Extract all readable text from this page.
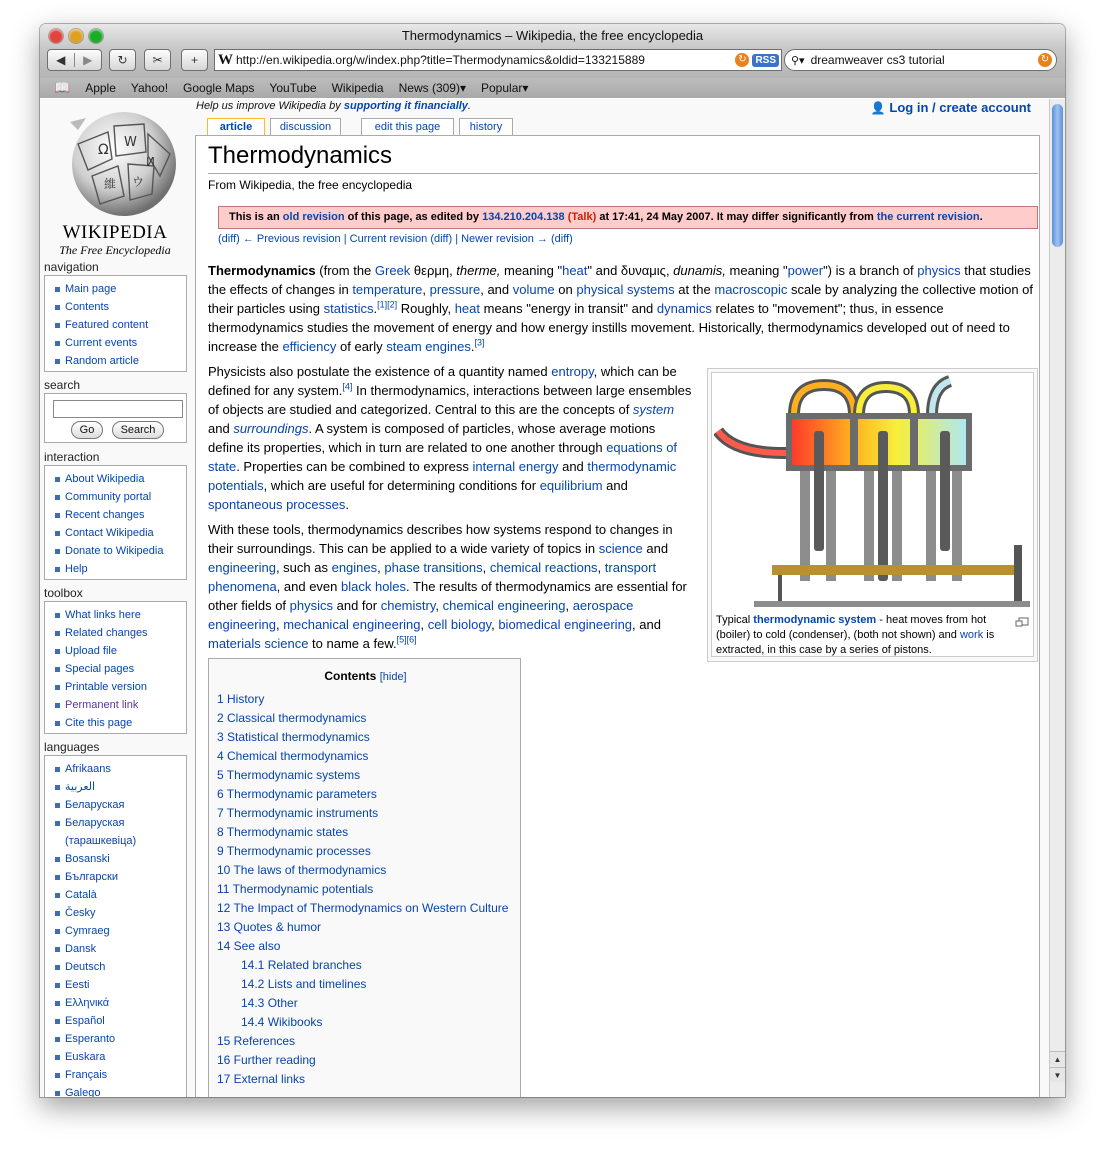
Thermodynamics – Wikipedia, the free encyclopedia
◀	▶	↻ ✂ + W http://en.wikipedia.org/w/index.php?title=Thermodynamics&oldid=133215889	↻ RSS ⚲▾ dreamweaver cs3 tutorial	↻
📖 Apple Yahoo! Google Maps YouTube Wikipedia News (309)▾ Popular▾
Ω W
И
維 ウ
WIKIPEDIA
The Free Encyclopedia
navigation
Main page
Contents
Featured content
Current events
Random article
search
Go	Search
interaction
About Wikipedia
Community portal
Recent changes
Contact Wikipedia
Donate to Wikipedia
Help
toolbox
What links here
Related changes
Upload file
Special pages
Printable version
Permanent link
Cite this page
languages
Afrikaans
العربية
Беларуская
Беларуская (тарашкевіца)
Bosanski
Български
Català
Česky
Cymraeg
Dansk
Deutsch
Eesti
Ελληνικά
Español
Esperanto
Euskara
Français
Galego
Help us improve Wikipedia by supporting it financially.	👤 Log in / create account
article	discussion	edit this page	history
Thermodynamics
From Wikipedia, the free encyclopedia
This is an old revision of this page, as edited by 134.210.204.138 (Talk) at 17:41, 24 May 2007. It may differ significantly from the current revision.
(diff) ← Previous revision | Current revision (diff) | Newer revision → (diff)
Thermodynamics (from the Greek θερμη, therme, meaning "heat" and δυναμις, dunamis, meaning "power") is a branch of physics that studies the effects of changes in temperature, pressure, and volume on physical systems at the macroscopic scale by analyzing the collective motion of their particles using statistics.[1][2] Roughly, heat means "energy in transit" and dynamics relates to "movement"; thus, in essence thermodynamics studies the movement of energy and how energy instills movement. Historically, thermodynamics developed out of need to increase the efficiency of early steam engines.[3]
Physicists also postulate the existence of a quantity named entropy, which can be defined for any system.[4] In thermodynamics, interactions between large ensembles of objects are studied and categorized. Central to this are the concepts of system and surroundings. A system is composed of particles, whose average motions define its properties, which in turn are related to one another through equations of state. Properties can be combined to express internal energy and thermodynamic potentials, which are useful for determining conditions for equilibrium and spontaneous processes.
With these tools, thermodynamics describes how systems respond to changes in their surroundings. This can be applied to a wide variety of topics in science and engineering, such as engines, phase transitions, chemical reactions, transport phenomena, and even black holes. The results of thermodynamics are essential for other fields of physics and for chemistry, chemical engineering, aerospace engineering, mechanical engineering, cell biology, biomedical engineering, and materials science to name a few.[5][6]
Typical thermodynamic system - heat moves from hot (boiler) to cold (condenser), (both not shown) and work is extracted, in this case by a series of pistons.
Contents [hide]
1 History
2 Classical thermodynamics
3 Statistical thermodynamics
4 Chemical thermodynamics
5 Thermodynamic systems
6 Thermodynamic parameters
7 Thermodynamic instruments
8 Thermodynamic states
9 Thermodynamic processes
10 The laws of thermodynamics
11 Thermodynamic potentials
12 The Impact of Thermodynamics on Western Culture
13 Quotes & humor
14 See also
14.1 Related branches
14.2 Lists and timelines
14.3 Other
14.4 Wikibooks
15 References
16 Further reading
17 External links
▲
▼
